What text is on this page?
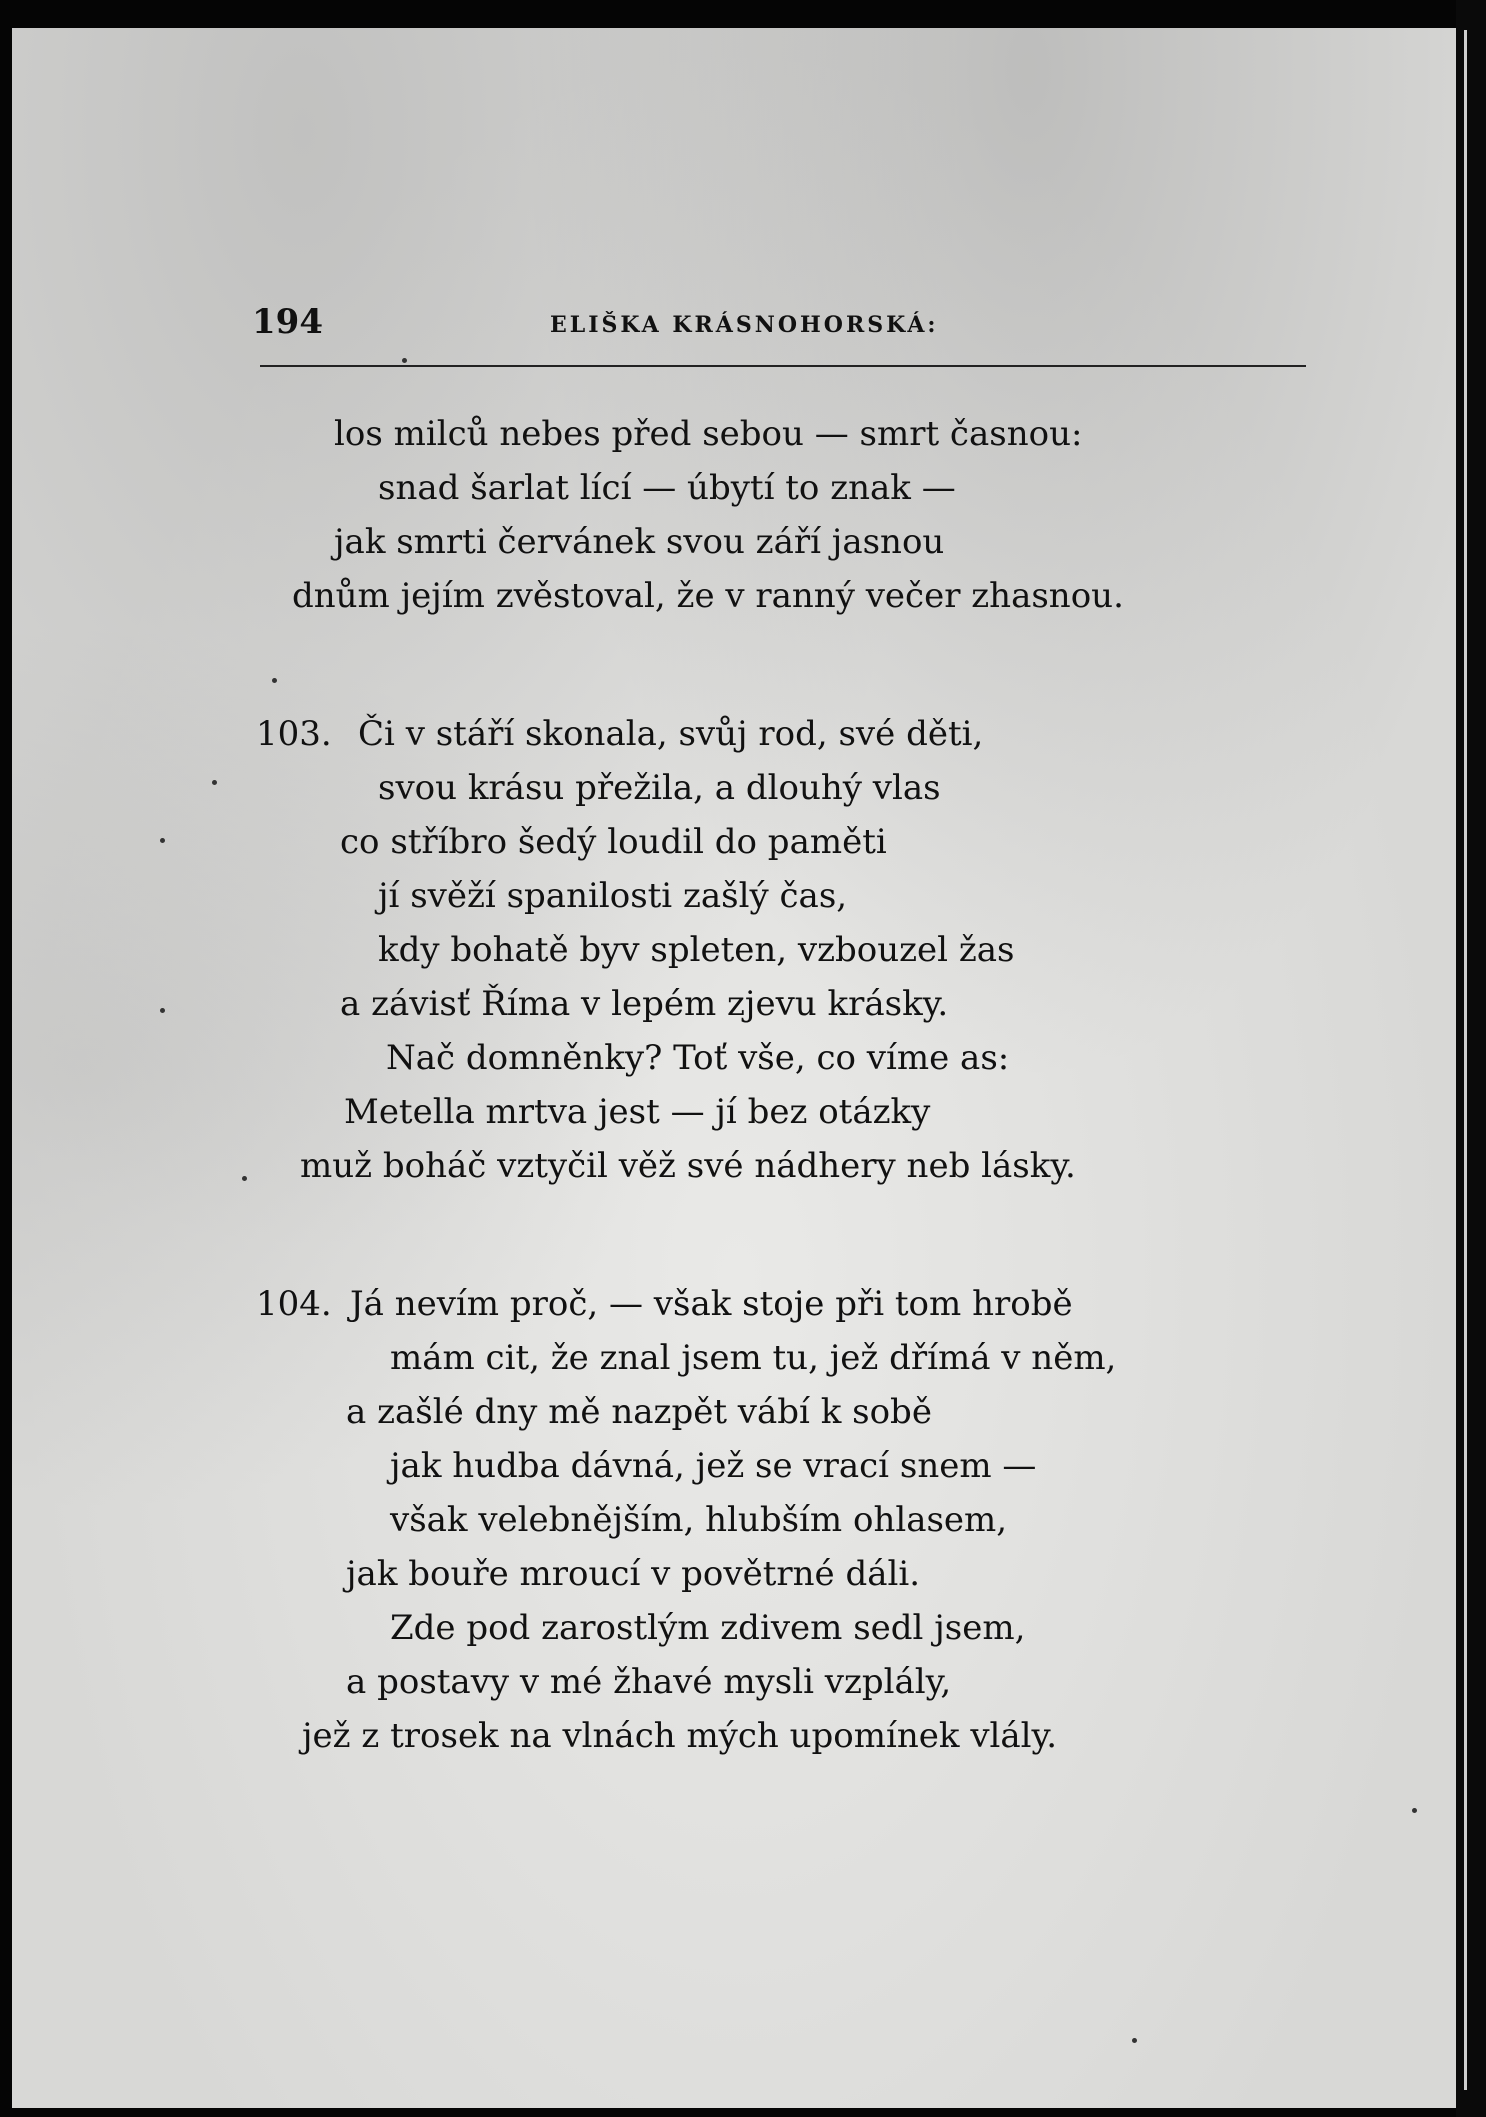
194	ELIŠKA KRÁSNOHORSKÁ:
los milců nebes před sebou — smrt časnou:
snad šarlat lící — úbytí to znak —
jak smrti červánek svou září jasnou
dnům jejím zvěstoval, že v ranný večer zhasnou.
103. Či v stáří skonala, svůj rod, své děti,
svou krásu přežila, a dlouhý vlas
co stříbro šedý loudil do paměti
jí svěží spanilosti zašlý čas,
kdy bohatě byv spleten, vzbouzel žas
a závisť Říma v lepém zjevu krásky.
Nač domněnky? Toť vše, co víme as:
Metella mrtva jest — jí bez otázky
muž boháč vztyčil věž své nádhery neb lásky.
104. Já nevím proč, — však stoje při tom hrobě
mám cit, že znal jsem tu, jež dřímá v něm,
a zašlé dny mě nazpět vábí k sobě
jak hudba dávná, jež se vrací snem —
však velebnějším, hlubším ohlasem,
jak bouře mroucí v povětrné dáli.
Zde pod zarostlým zdivem sedl jsem,
a postavy v mé žhavé mysli vzplály,
jež z trosek na vlnách mých upomínek vlály.
